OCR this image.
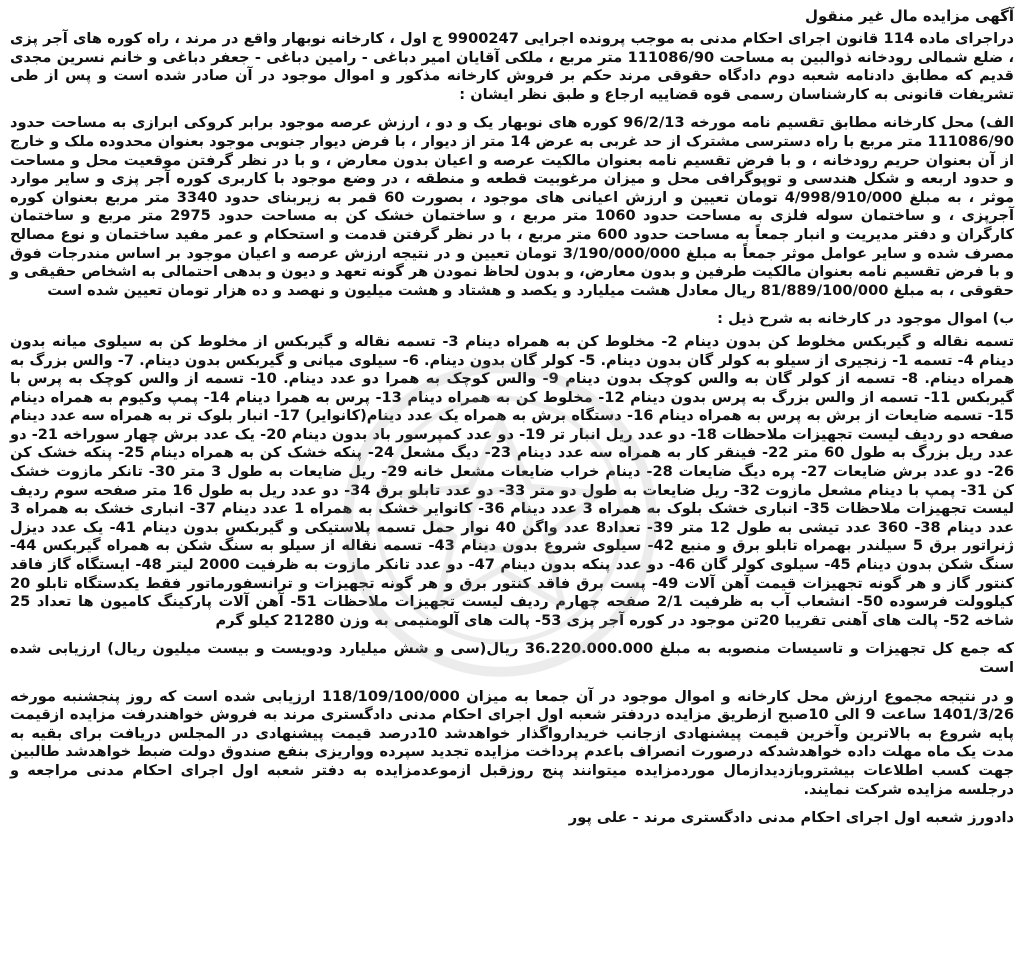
آگهی مزایده مال غیر منقول

دراجرای ماده 114 قانون اجرای احکام مدنی به موجب پرونده اجرایی 9900247 ج اول ، کارخانه نوبهار واقع در مرند ، راه کوره های آجر پزی ، ضلع شمالی رودخانه ذوالبین به مساحت 111086/90 متر مربع ، ملکی آقایان امیر دباغی - رامین دباغی - جعفر دباغی و خانم نسرین مجدی قدیم که مطابق دادنامه شعبه دوم دادگاه حقوقی مرند حکم بر فروش کارخانه مذکور و اموال موجود در آن صادر شده است و پس از طی تشریفات قانونی به کارشناسان رسمی قوه قضاییه ارجاع و طبق نظر ایشان :

الف) محل کارخانه مطابق تقسیم نامه مورخه 96/2/13 کوره های نوبهار یک و دو ، ارزش عرصه موجود برابر کروکی ابرازی به مساحت حدود 111086/90 متر مربع با راه دسترسی مشترک از حد غربی به عرض 14 متر از دیوار ، با فرض دیوار جنوبی موجود بعنوان محدوده ملک و خارج از آن بعنوان حریم رودخانه ، و با فرض تقسیم نامه بعنوان مالکیت عرصه و اعیان بدون معارض ، و با در نظر گرفتن موقعیت محل و مساحت و حدود اربعه و شکل هندسی و توپوگرافی محل و میزان مرغوبیت قطعه و منطقه ، در وضع موجود با کاربری کوره آجر پزی و سایر موارد موثر ، به مبلغ 4/998/910/000 تومان تعیین و ارزش اعیانی های موجود ، بصورت 60 قمر به زیربنای حدود 3340 متر مربع بعنوان کوره آجرپزی ، و ساختمان سوله فلزی به مساحت حدود 1060 متر مربع ، و ساختمان خشک کن به مساحت حدود 2975 متر مربع و ساختمان کارگران و دفتر مدیریت و انبار جمعاً به مساحت حدود 600 متر مربع ، با در نظر گرفتن قدمت و استحکام و عمر مفید ساختمان و نوع مصالح مصرف شده و سایر عوامل موثر جمعاً به مبلغ 3/190/000/000 تومان تعیین و در نتیجه ارزش عرصه و اعیان موجود بر اساس مندرجات فوق و با فرض تقسیم نامه بعنوان مالکیت طرفین و بدون معارض، و بدون لحاظ نمودن هر گونه تعهد و دیون و بدهی احتمالی به اشخاص حقیقی و حقوقی ، به مبلغ 81/889/100/000 ریال معادل هشت میلیارد و یکصد و هشتاد و هشت میلیون و نهصد و ده هزار تومان تعیین شده است

ب) اموال موجود در کارخانه به شرح ذیل :

تسمه نقاله و گیربکس مخلوط کن بدون دینام 2- مخلوط کن به همراه دینام 3- تسمه نقاله و گیربکس از مخلوط کن به سیلوی میانه بدون دینام 4- تسمه 1- زنجیری از سیلو به کولر گان بدون دینام. 5- کولر گان بدون دینام. 6- سیلوی میانی و گیربکس بدون دینام. 7- والس بزرگ به همراه دینام. 8- تسمه از کولر گان به والس کوچک بدون دینام 9- والس کوچک به همرا دو عدد دینام. 10- تسمه از والس کوچک به پرس با گیربکس 11- تسمه از والس بزرگ به پرس بدون دینام 12- مخلوط کن به همراه دینام 13- پرس به همرا دینام 14- پمپ وکیوم به همراه دینام 15- تسمه ضایعات از برش به پرس به همراه دینام 16- دستگاه برش به همراه یک عدد دینام(کانوایر) 17- انبار بلوک تر به همراه سه عدد دینام صفحه دو ردیف لیست تجهیزات ملاحظات 18- دو عدد ریل انبار تر 19- دو عدد کمپرسور باد بدون دینام 20- یک عدد برش چهار سوراخه 21- دو عدد ریل بزرگ به طول 60 متر 22- فینقر کار به همراه سه عدد دینام 23- دیگ مشعل 24- پنکه خشک کن به همراه دینام 25- پنکه خشک کن 26- دو عدد برش ضایعات 27- پره دیگ ضایعات 28- دینام خراب ضایعات مشعل خانه 29- ریل ضایعات به طول 3 متر 30- تانکر مازوت خشک کن 31- پمپ با دینام مشعل مازوت 32- ریل ضایعات به طول دو متر 33- دو عدد تابلو برق 34- دو عدد ریل به طول 16 متر صفحه سوم ردیف لیست تجهیزات ملاحظات 35- انباری خشک بلوک به همراه 3 عدد دینام 36- کانوایر خشک به همراه 1 عدد دینام 37- انباری خشک به همراه 3 عدد دینام 38- 360 عدد تیشی به طول 12 متر 39- تعداد8 عدد واگن 40 نوار حمل تسمه پلاستیکی و گیربکس بدون دینام 41- یک عدد دیزل ژنراتور برق 5 سیلندر بهمراه تابلو برق و منبع 42- سیلوی شروع بدون دینام 43- تسمه نقاله از سیلو به سنگ شکن به همراه گیربکس 44- سنگ شکن بدون دینام 45- سیلوی کولر گان 46- دو عدد پنکه بدون دینام 47- دو عدد تانکر مازوت به ظرفیت 2000 لیتر 48- ایستگاه گاز فاقد کنتور گاز و هر گونه تجهیزات قیمت آهن آلات 49- پست برق فاقد کنتور برق و هر گونه تجهیزات و ترانسفورماتور فقط یکدستگاه تابلو 20 کیلوولت فرسوده 50- انشعاب آب به ظرفیت 2/1 صفحه چهارم ردیف لیست تجهیزات ملاحظات 51- آهن آلات پارکینگ کامیون ها تعداد 25 شاخه 52- پالت های آهنی تقریبا 20تن موجود در کوره آجر پزی 53- پالت های آلومنیمی به وزن 21280 کیلو گرم

که جمع کل تجهیزات و تاسیسات منصوبه به مبلغ 36.220.000.000 ریال(سی و شش میلیارد ودویست و بیست میلیون ریال) ارزیابی شده است

و در نتیجه مجموع ارزش محل کارخانه و اموال موجود در آن جمعا به میزان 118/109/100/000 ارزیابی شده است که روز پنجشنبه مورخه 1401/3/26 ساعت 9 الی 10صبح ازطریق مزایده دردفتر شعبه اول اجرای احکام مدنی دادگستری مرند به فروش خواهندرفت مزایده ازقیمت پایه شروع به بالاترین وآخرین قیمت پیشنهادی ازجانب خریدارواگذار خواهدشد 10درصد قیمت پیشنهادی در المجلس دریافت برای بقیه به مدت یک ماه مهلت داده خواهدشدکه درصورت انصراف باعدم پرداخت مزایده تجدید سپرده وواریزی بنفع صندوق دولت ضبط خواهدشد طالبین جهت کسب اطلاعات بیشتروبازدیدازمال موردمزایده میتوانند پنج روزقبل ازموعدمزایده به دفتر شعبه اول اجرای احکام مدنی مراجعه و درجلسه مزایده شرکت نمایند.

دادورز شعبه اول اجرای احکام مدنی دادگستری مرند - علی پور
